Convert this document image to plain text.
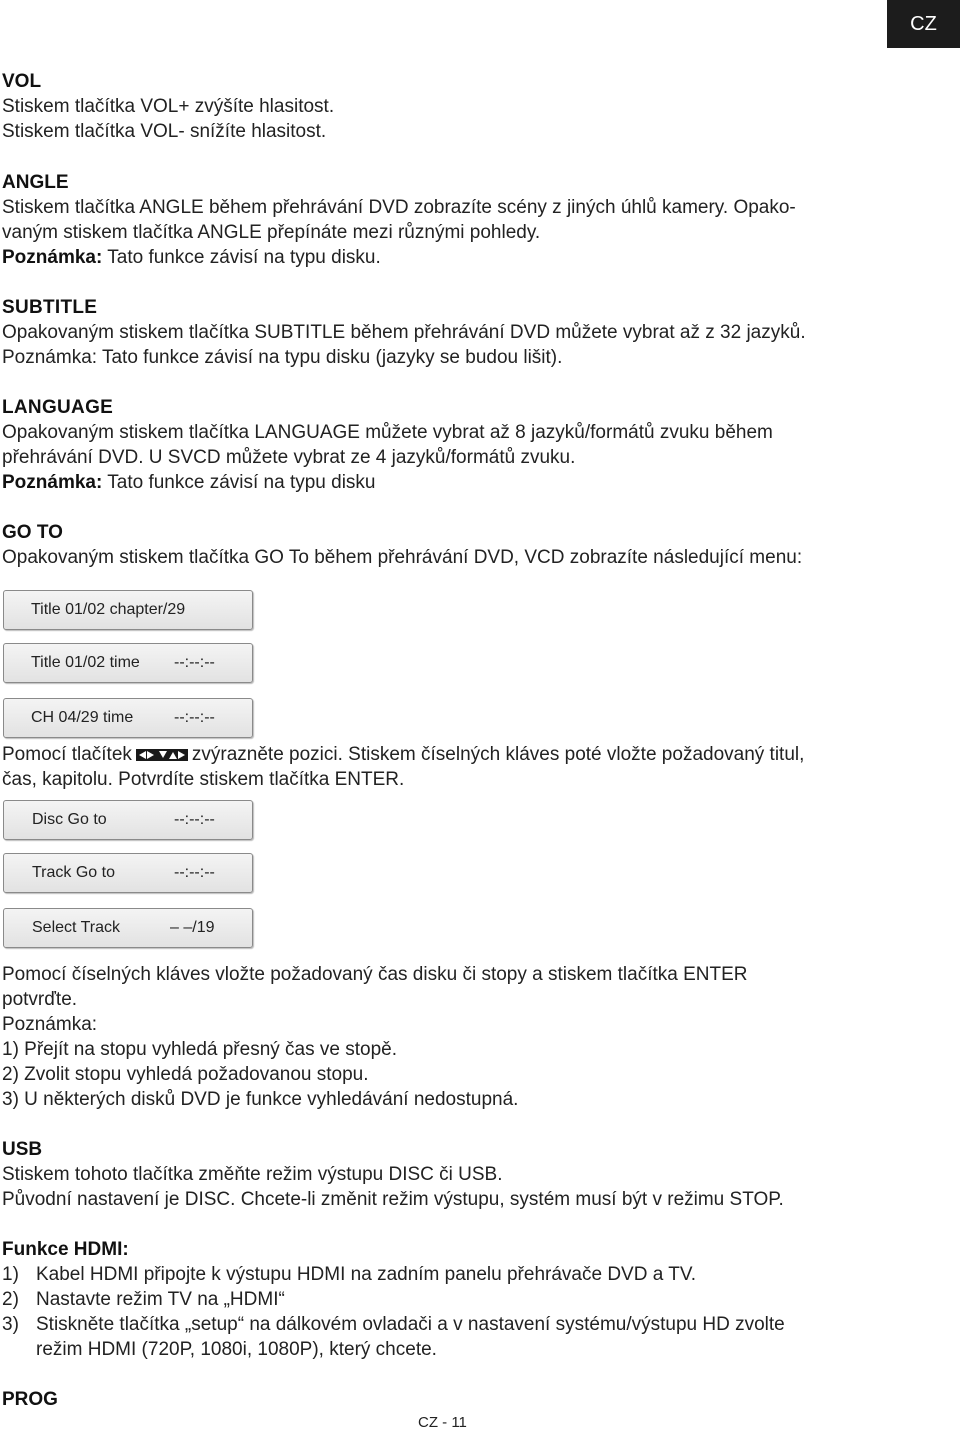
CZ
VOL
Stiskem tlačítka VOL+ zvýšíte hlasitost.
Stiskem tlačítka VOL- snížíte hlasitost.
ANGLE
Stiskem tlačítka ANGLE během přehrávání DVD zobrazíte scény z jiných úhlů kamery. Opako-
vaným stiskem tlačítka ANGLE přepínáte mezi různými pohledy.
Poznámka: Tato funkce závisí na typu disku.
SUBTITLE
Opakovaným stiskem tlačítka SUBTITLE během přehrávání DVD můžete vybrat až z 32 jazyků.
Poznámka: Tato funkce závisí na typu disku (jazyky se budou lišit).
LANGUAGE
Opakovaným stiskem tlačítka LANGUAGE můžete vybrat až 8 jazyků/formátů zvuku během
přehrávání DVD. U SVCD můžete vybrat ze 4 jazyků/formátů zvuku.
Poznámka: Tato funkce závisí na typu disku
GO TO
Opakovaným stiskem tlačítka GO To během přehrávání DVD, VCD zobrazíte následující menu:
Title 01/02 chapter/29
Title 01/02 time --:--:--
CH 04/29 time	--:--:--
Pomocí tlačítek	zvýrazněte pozici. Stiskem číselných kláves poté vložte požadovaný titul,
čas, kapitolu. Potvrdíte stiskem tlačítka ENTER.
Disc Go to	--:--:--
Track Go to	--:--:--
Select Track	– –/19
Pomocí číselných kláves vložte požadovaný čas disku či stopy a stiskem tlačítka ENTER
potvrďte.
Poznámka:
1) Přejít na stopu vyhledá přesný čas ve stopě.
2) Zvolit stopu vyhledá požadovanou stopu.
3) U některých disků DVD je funkce vyhledávání nedostupná.
USB
Stiskem tohoto tlačítka změňte režim výstupu DISC či USB.
Původní nastavení je DISC. Chcete-li změnit režim výstupu, systém musí být v režimu STOP.
Funkce HDMI:
1) Kabel HDMI připojte k výstupu HDMI na zadním panelu přehrávače DVD a TV.
2) Nastavte režim TV na „HDMI“
3) Stiskněte tlačítka „setup“ na dálkovém ovladači a v nastavení systému/výstupu HD zvolte
režim HDMI (720P, 1080i, 1080P), který chcete.
PROG
CZ - 11
